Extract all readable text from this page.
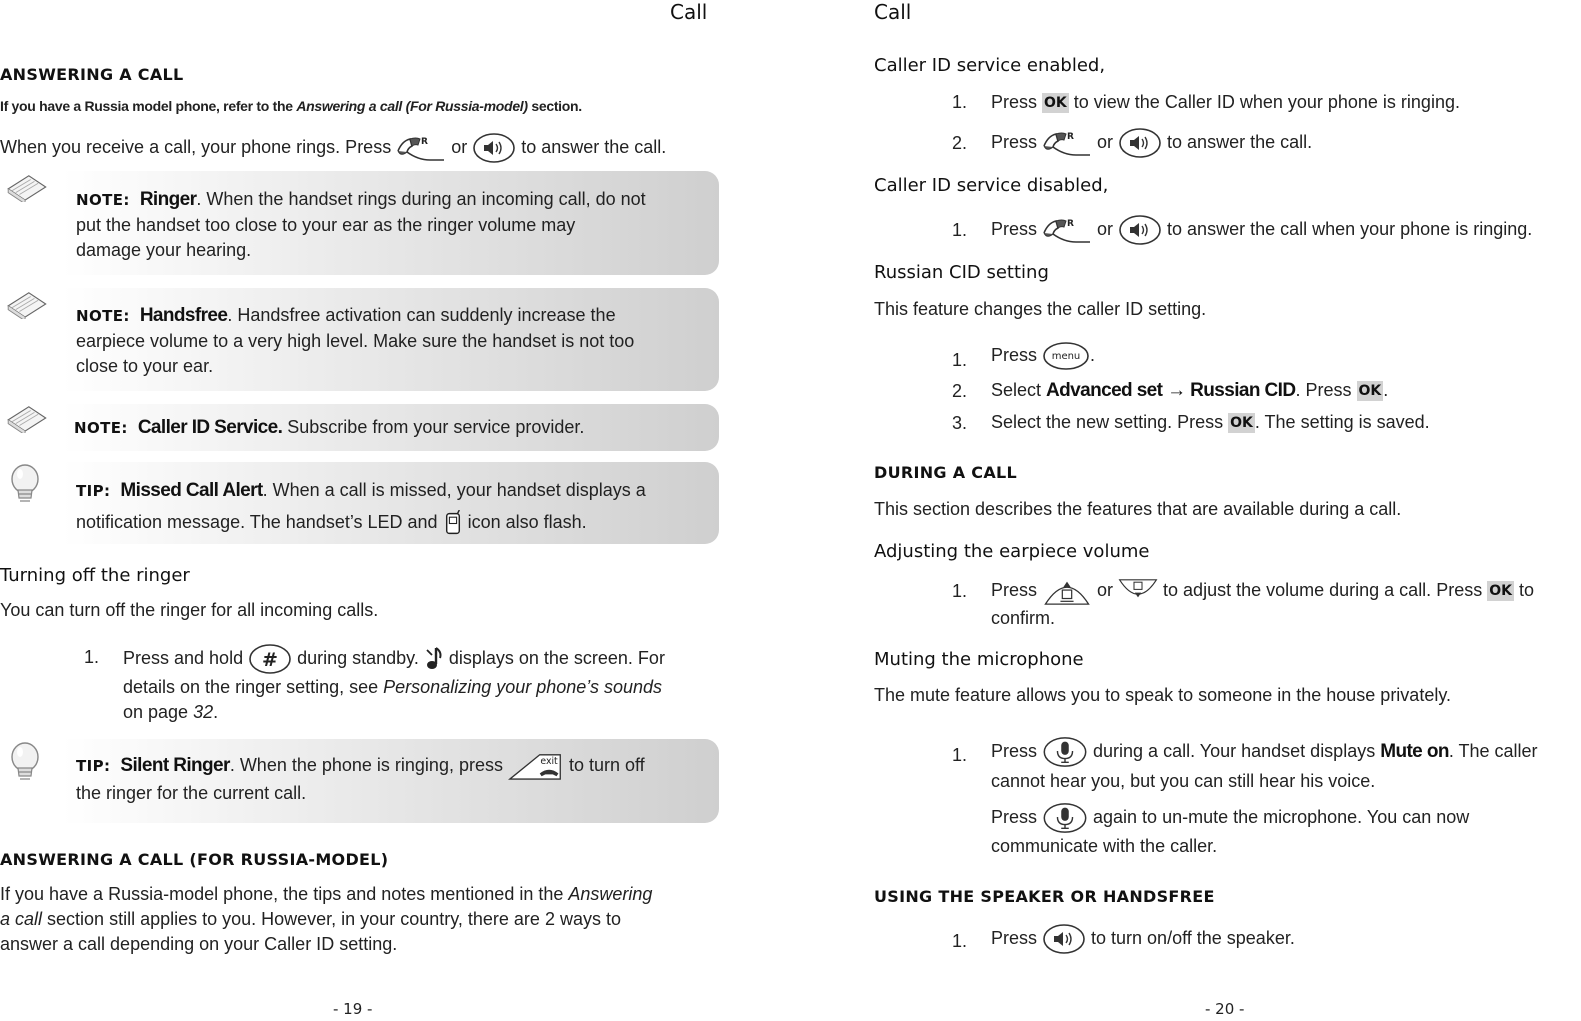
Call
ANSWERING A CALL
If you have a Russia model phone, refer to the Answering a call (For Russia-model) section.
When you receive a call, your phone rings. Press	or  to answer the call.
NOTE: Ringer. When the handset rings during an incoming call, do not
put the handset too close to your ear as the ringer volume may
damage your hearing.
NOTE: Handsfree. Handsfree activation can suddenly increase the
earpiece volume to a very high level. Make sure the handset is not too
close to your ear.
NOTE: Caller ID Service. Subscribe from your service provider.
TIP: Missed Call Alert. When a call is missed, your handset displays a
notification message. The handset’s LED and  icon also flash.
Turning off the ringer
You can turn off the ringer for all incoming calls.
1. Press and hold  during standby.  displays on the screen. For
details on the ringer setting, see Personalizing your phone’s sounds
on page 32.
TIP: Silent Ringer. When the phone is ringing, press	to turn off
the ringer for the current call.
ANSWERING A CALL (FOR RUSSIA-MODEL)
If you have a Russia-model phone, the tips and notes mentioned in the Answering
a call section still applies to you. However, in your country, there are 2 ways to
answer a call depending on your Caller ID setting.
- 19 -
Call
Caller ID service enabled,
1. Press OK to view the Caller ID when your phone is ringing.
2. Press	or  to answer the call.
Caller ID service disabled,
1. Press	or  to answer the call when your phone is ringing.
Russian CID setting
This feature changes the caller ID setting.
1. Press	.
2. Select Advanced set → Russian CID. Press OK .
3. Select the new setting. Press OK . The setting is saved.
DURING A CALL
This section describes the features that are available during a call.
Adjusting the earpiece volume
1. Press	or  to adjust the volume during a call. Press OK to
confirm.
Muting the microphone
The mute feature allows you to speak to someone in the house privately.
1. Press	during a call. Your handset displays Mute on. The caller
cannot hear you, but you can still hear his voice.
Press	again to un-mute the microphone. You can now
communicate with the caller.
USING THE SPEAKER OR HANDSFREE
1. Press  to turn on/off the speaker.
- 20 -
